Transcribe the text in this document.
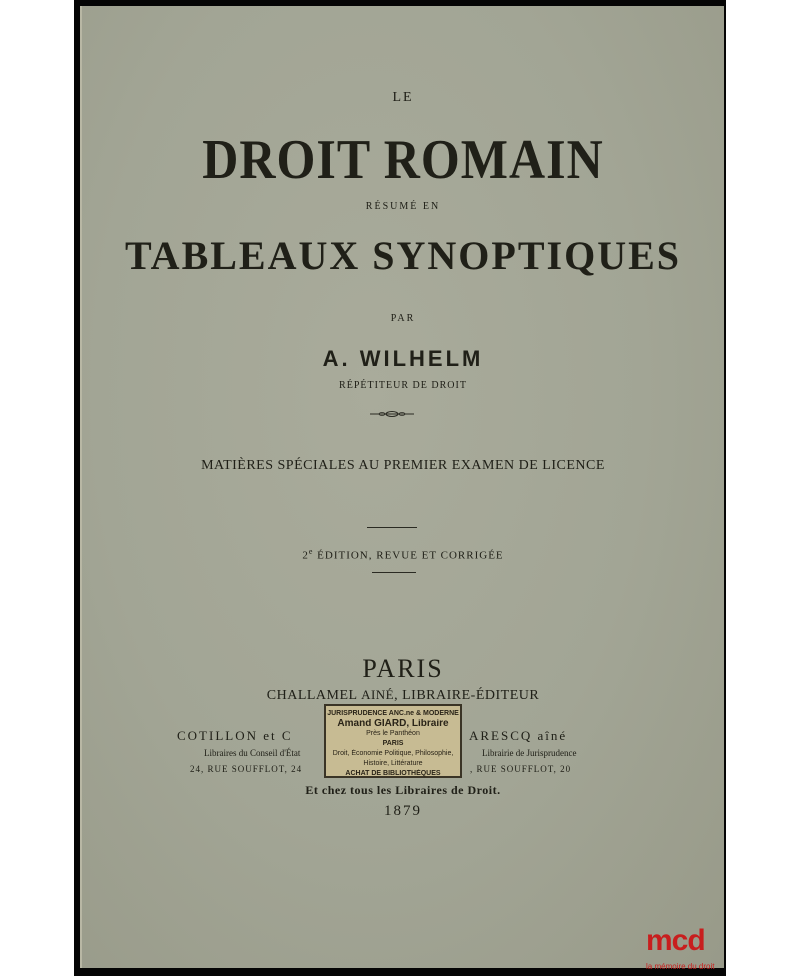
LE

DROIT ROMAIN

RÉSUMÉ EN

TABLEAUX SYNOPTIQUES

PAR

A. WILHELM

RÉPÉTITEUR DE DROIT

MATIÈRES SPÉCIALES AU PREMIER EXAMEN DE LICENCE

2e ÉDITION, REVUE ET CORRIGÉE

PARIS

CHALLAMEL AINÉ, LIBRAIRE-ÉDITEUR

COTILLON et C
Libraires du Conseil d'État
24, RUE SOUFFLOT, 24
ARESCQ aîné
Librairie de Jurisprudence
, RUE SOUFFLOT, 20
JURISPRUDENCE ANC.ne & MODERNE
Amand GIARD, Libraire
Près le Panthéon
PARIS
Droit, Économie Politique, Philosophie,
Histoire, Littérature
ACHAT DE BIBLIOTHÈQUES

Et chez tous les Libraires de Droit.

1879

mcd
la mémoire du droit
